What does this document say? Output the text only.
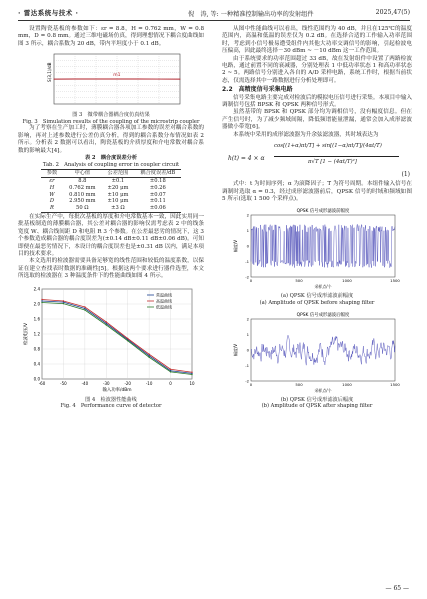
· 雷达系统与技术 ·	倪　涛, 等: 一种精准控制输出功率的发射组件	2025,47(5)

设置陶瓷基板的参数如下：εr = 8.8，H = 0.762 mm，W = 0.8 mm，D = 0.8 mm。通过三维电磁场仿真，得到理想情况下耦合度曲线如图 3 所示，耦合系数为 20 dB，带内平坦度小于 0.1 dB。

m1
S(3,1)/dB

图 3　微带耦合器耦合度仿真结果

Fig. 3　Simulation results of the coupling of the microstrip coupler

为了考察在生产加工时，薄膜耦合器各项加工参数的误差对耦合系数的影响，再对上述参数进行公差仿真分析，得到的耦合系数分布情况如表 2 所示。分析表 2 数据可以看出，陶瓷基板的介质厚度和介电常数对耦合系数的影响最大[4]。

表 2　耦合度误差分析

Tab. 2　Analysis of coupling error in coupler circuit

参数	中心值	公差范围	耦合度误差/dB
εr	8.8	±0.1	±0.18
H	0.762 mm	±20 μm	±0.26
W	0.810 mm	±10 μm	±0.07
D	2.950 mm	±10 μm	±0.11
R	50 Ω	±3 Ω	±0.06

在实际生产中，每批次基板的厚度和介电常数基本一致，因此实用同一批基板制造的薄膜耦合器，其公差对耦合器的影响仅需考虑表 2 中的线条宽度 W、耦合线间距 D 和电阻 R 3 个参数。在公差最恶劣的情况下，这 3 个参数造成耦合器的耦合度误差为(±0.14 dB±0.11 dB±0.06 dB)。可知即便在最恶劣情况下，本设计的耦合度误差也是±0.31 dB 以内，满足本项目的技术要求。

本文选用的检波器需要具备足够宽的线性范围和较低的温度系数，以保证在建立查找表时数据的准确性[5]。根据这两个要求进行器件选型，本文所选取的检波器在 3 种温度条件下的性能曲线如图 4 所示。

0.0
0.4
0.8
1.2
1.6
2.0
2.4
-60	-50	-40	-30	-20	-10	0	10
常温曲线
高温曲线
低温曲线
输入功率/dBm
检波电压/V

图 4　检波器性能曲线

Fig. 4　Performance curve of detector

从图中性能曲线可以看出，线性范围约为 40 dB，并且在125℃的温度范围内，高温和低温的误差仅为 0.2 dB。在选择合适的工作输入功率范围时，考虑到小信号极易遭受组件内其他大功率交调信号的影响，引起检波电压偏高，因此最终选择－30 dBm ~ －10 dBm 这一工作范围。

由于系统要求的功率范围超过 33 dB，故在发射组件中设置了两路检波电路，通过前置不同的衰减器，分别处理表 1 中低功率状态 1 和高功率状态 2 ~ 5。两路信号分别进入各自的 A/D 采样电路，系统工作时，根据当前状态，仅需选择其中一路数据进行分析处理即可。

2.2　高精度信号采集电路

信号采集电路主要完成对检波后的模拟电压信号进行采集。本项目中输入调制信号包括 BPSK 和 QPSK 两种信号形式。

虽然基带的 BPSK 和 QPSK 部分均为调相信号，没有幅度信息。但在产生信号时，为了减少频域间隔，降低频谱能量泄漏，通常会加入成形滤波器做小带宽[6]。

本系统中采用的成形滤波器为升余弦滤波器，其时域表达为

h(t) = 4 × α
cos[(1+α)πt/T] + sin[(1−α)πt/T]/(4αt/T)
π√T [1 − (4αt/T)²]
(1)

式中：t 为时间序列；α 为滚降因子；T 为符号周期。本组件输入信号在调制时选取 α = 0.3，经过成形滤波器前后，QPSK 信号的时域和频域如图 5 所示(选取 1 500 个采样点)。

QPSK 信号成形滤波前幅度
-2
-1
0
1
2
0	500	1000	1500
采样点/个
幅度/V

(a) QPSK 信号成形滤波前幅度

(a) Amplitude of QPSK before shaping filter

QPSK 信号成形滤波后幅度
-2
-1
0
1
2
0	500	1000	1500
采样点/个
幅度/V

(b) QPSK 信号成形滤波后幅度

(b) Amplitude of QPSK after shaping filter

— 65 —
